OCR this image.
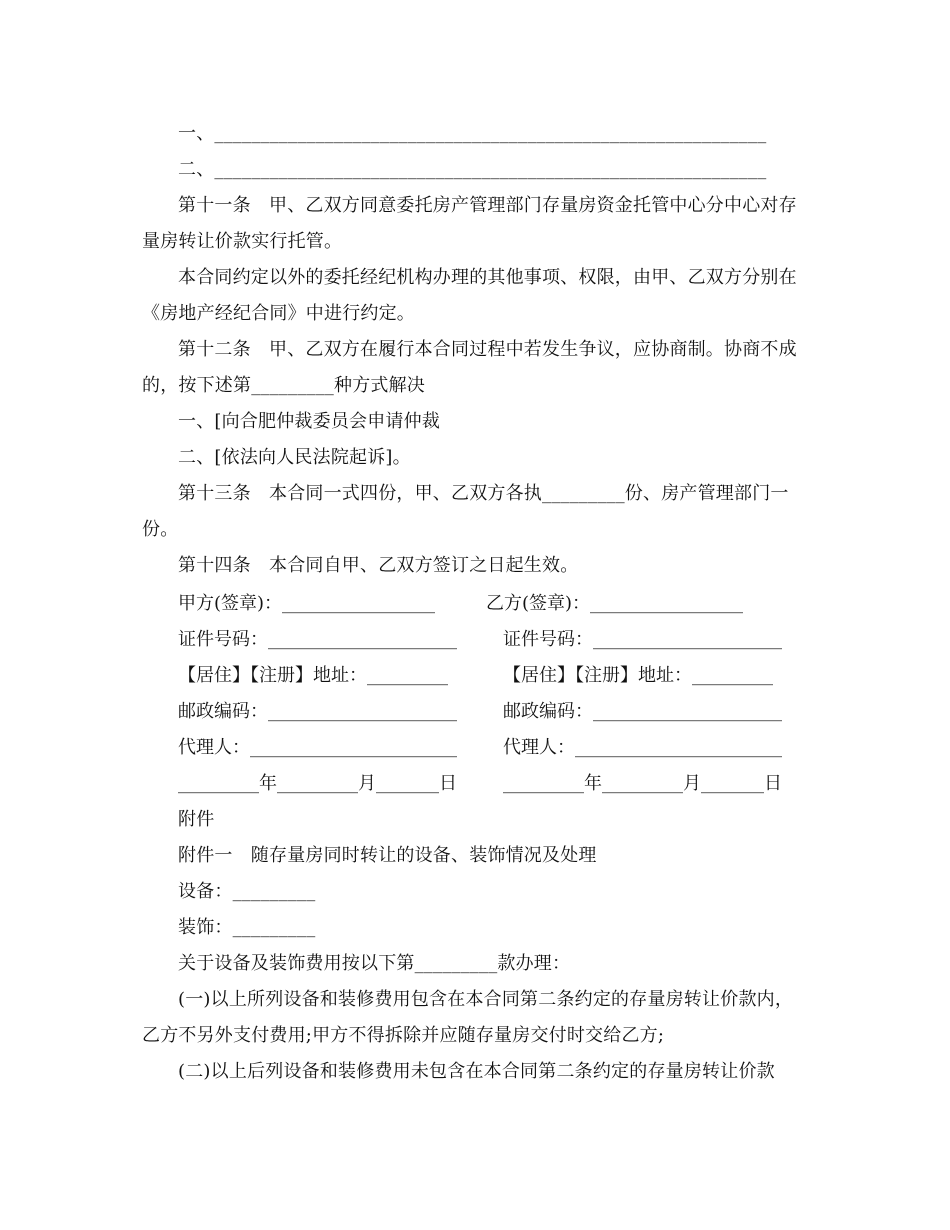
一、____________________________________________________________
二、____________________________________________________________
第十一条　甲、乙双方同意委托房产管理部门存量房资金托管中心分中心对存
量房转让价款实行托管。
本合同约定以外的委托经纪机构办理的其他事项、权限，由甲、乙双方分别在
《房地产经纪合同》中进行约定。
第十二条　甲、乙双方在履行本合同过程中若发生争议，应协商制。协商不成
的，按下述第_________种方式解决
一、[向合肥仲裁委员会申请仲裁
二、[依法向人民法院起诉]。
第十三条　本合同一式四份，甲、乙双方各执_________份、房产管理部门一
份。
第十四条　本合同自甲、乙双方签订之日起生效。
甲方(签章)：_________________	乙方(签章)：_________________
证件号码：_____________________	证件号码：_____________________
【居住】【注册】地址：_________	【居住】【注册】地址：_________
邮政编码：_____________________	邮政编码：_____________________
代理人：_______________________	代理人：_______________________
_________年_________月_______日	_________年_________月_______日
附件
附件一　随存量房同时转让的设备、装饰情况及处理
设备：_________
装饰：_________
关于设备及装饰费用按以下第_________款办理：
(一)以上所列设备和装修费用包含在本合同第二条约定的存量房转让价款内，
乙方不另外支付费用;甲方不得拆除并应随存量房交付时交给乙方;
(二)以上后列设备和装修费用未包含在本合同第二条约定的存量房转让价款
